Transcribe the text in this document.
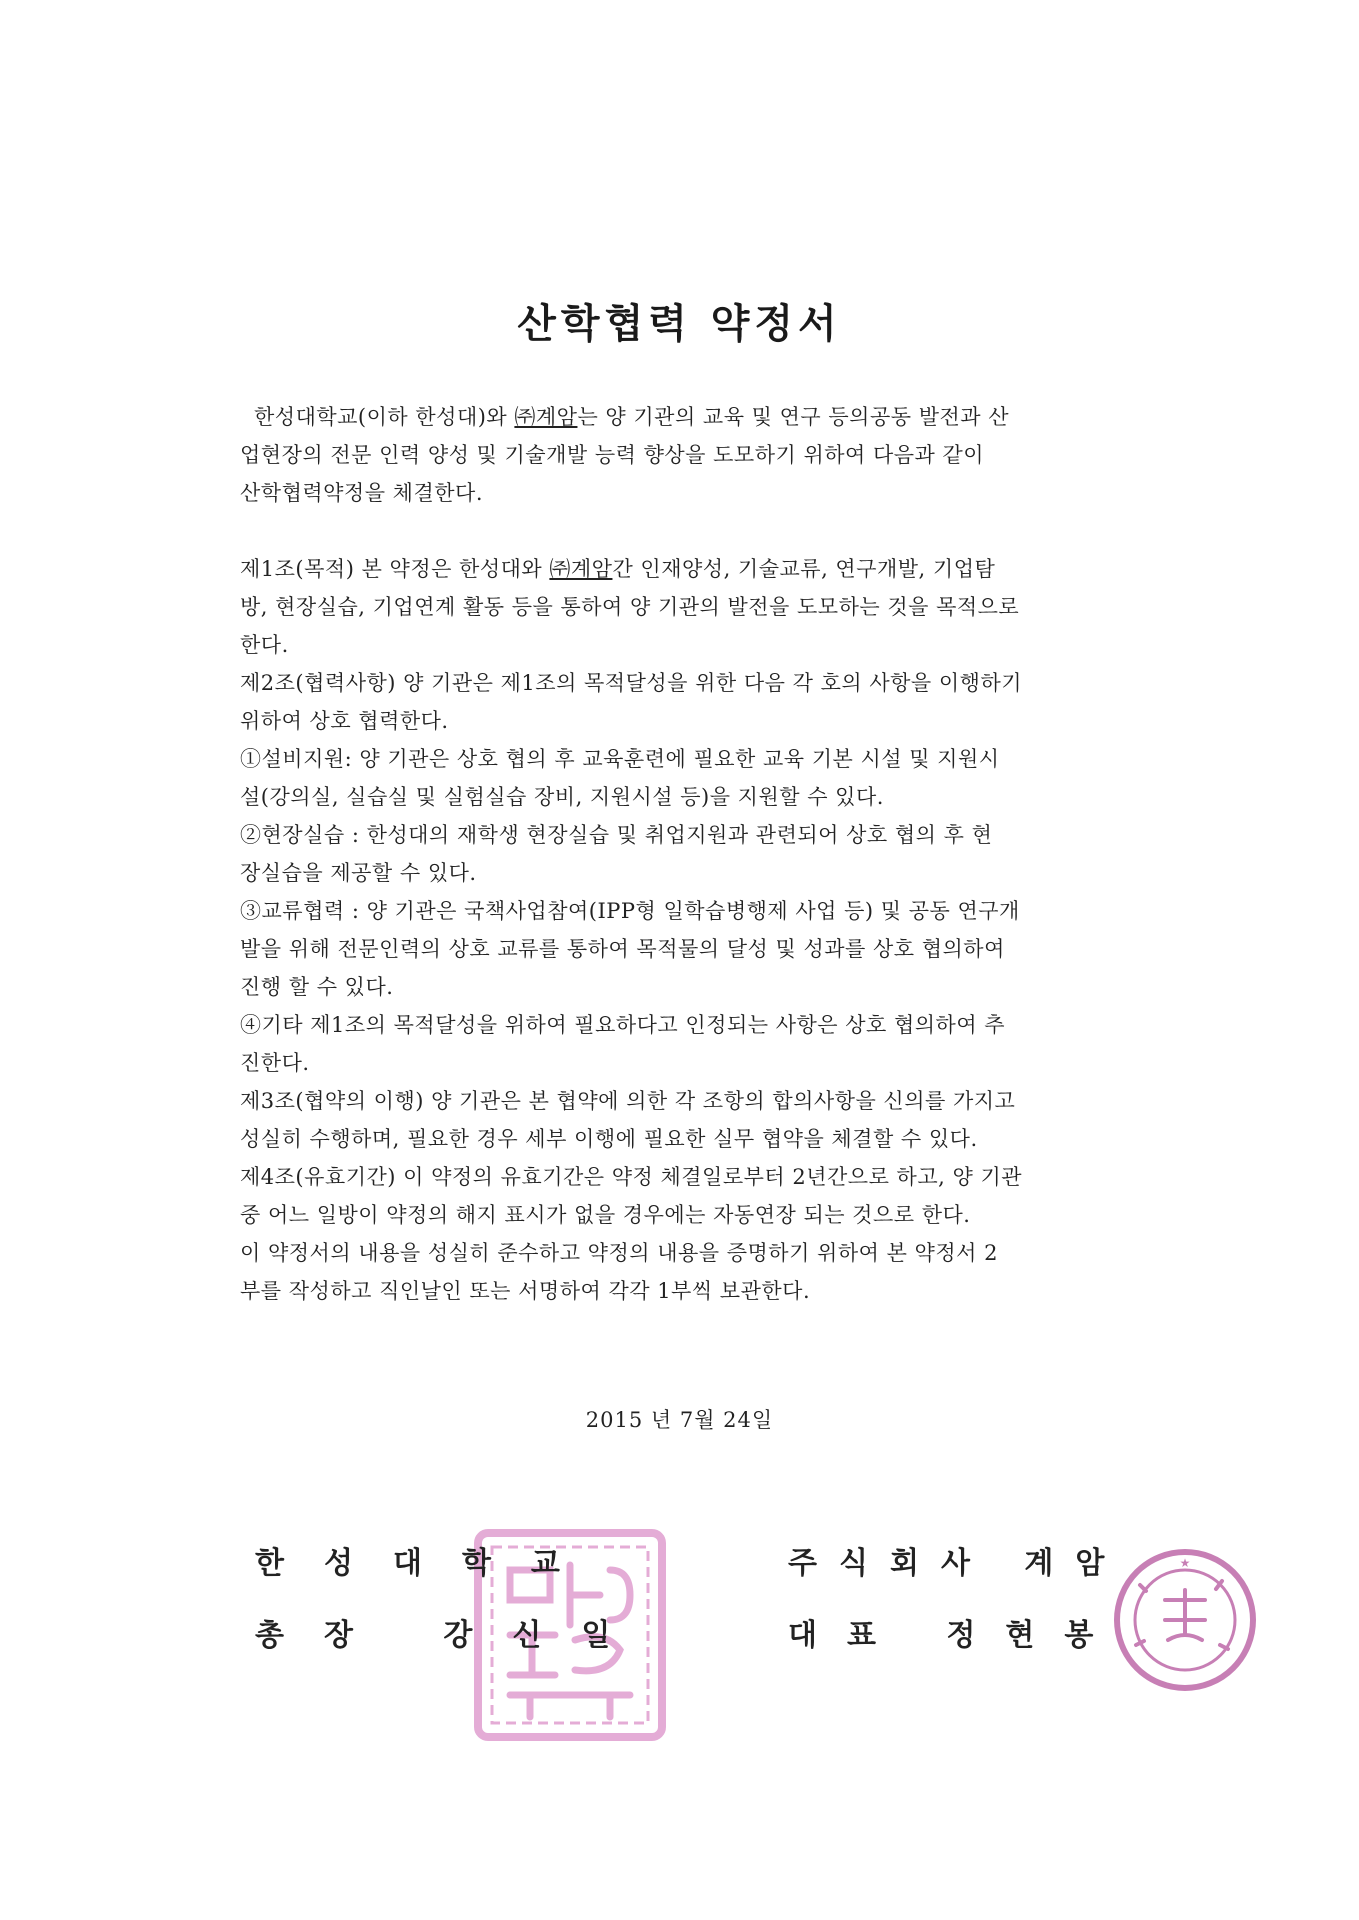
산학협력 약정서
한성대학교(이하 한성대)와 ㈜계암는 양 기관의 교육 및 연구 등의공동 발전과 산
업현장의 전문 인력 양성 및 기술개발 능력 향상을 도모하기 위하여 다음과 같이
산학협력약정을 체결한다.
제1조(목적) 본 약정은 한성대와 ㈜계암간 인재양성, 기술교류, 연구개발, 기업탐
방, 현장실습, 기업연계 활동 등을 통하여 양 기관의 발전을 도모하는 것을 목적으로
한다.
제2조(협력사항) 양 기관은 제1조의 목적달성을 위한 다음 각 호의 사항을 이행하기
위하여 상호 협력한다.
①설비지원: 양 기관은 상호 협의 후 교육훈련에 필요한 교육 기본 시설 및 지원시
설(강의실, 실습실 및 실험실습 장비, 지원시설 등)을 지원할 수 있다.
②현장실습 : 한성대의 재학생 현장실습 및 취업지원과 관련되어 상호 협의 후 현
장실습을 제공할 수 있다.
③교류협력 : 양 기관은 국책사업참여(IPP형 일학습병행제 사업 등) 및 공동 연구개
발을 위해 전문인력의 상호 교류를 통하여 목적물의 달성 및 성과를 상호 협의하여
진행 할 수 있다.
④기타 제1조의 목적달성을 위하여 필요하다고 인정되는 사항은 상호 협의하여 추
진한다.
제3조(협약의 이행) 양 기관은 본 협약에 의한 각 조항의 합의사항을 신의를 가지고
성실히 수행하며, 필요한 경우 세부 이행에 필요한 실무 협약을 체결할 수 있다.
제4조(유효기간) 이 약정의 유효기간은 약정 체결일로부터 2년간으로 하고, 양 기관
중 어느 일방이 약정의 해지 표시가 없을 경우에는 자동연장 되는 것으로 한다.
이 약정서의 내용을 성실히 준수하고 약정의 내용을 증명하기 위하여 본 약정서 2
부를 작성하고 직인날인 또는 서명하여 각각 1부씩 보관한다.
2015 년 7월 24일
★
한성대학교
총장 강신일
주식회사 계암
대표 정현봉
